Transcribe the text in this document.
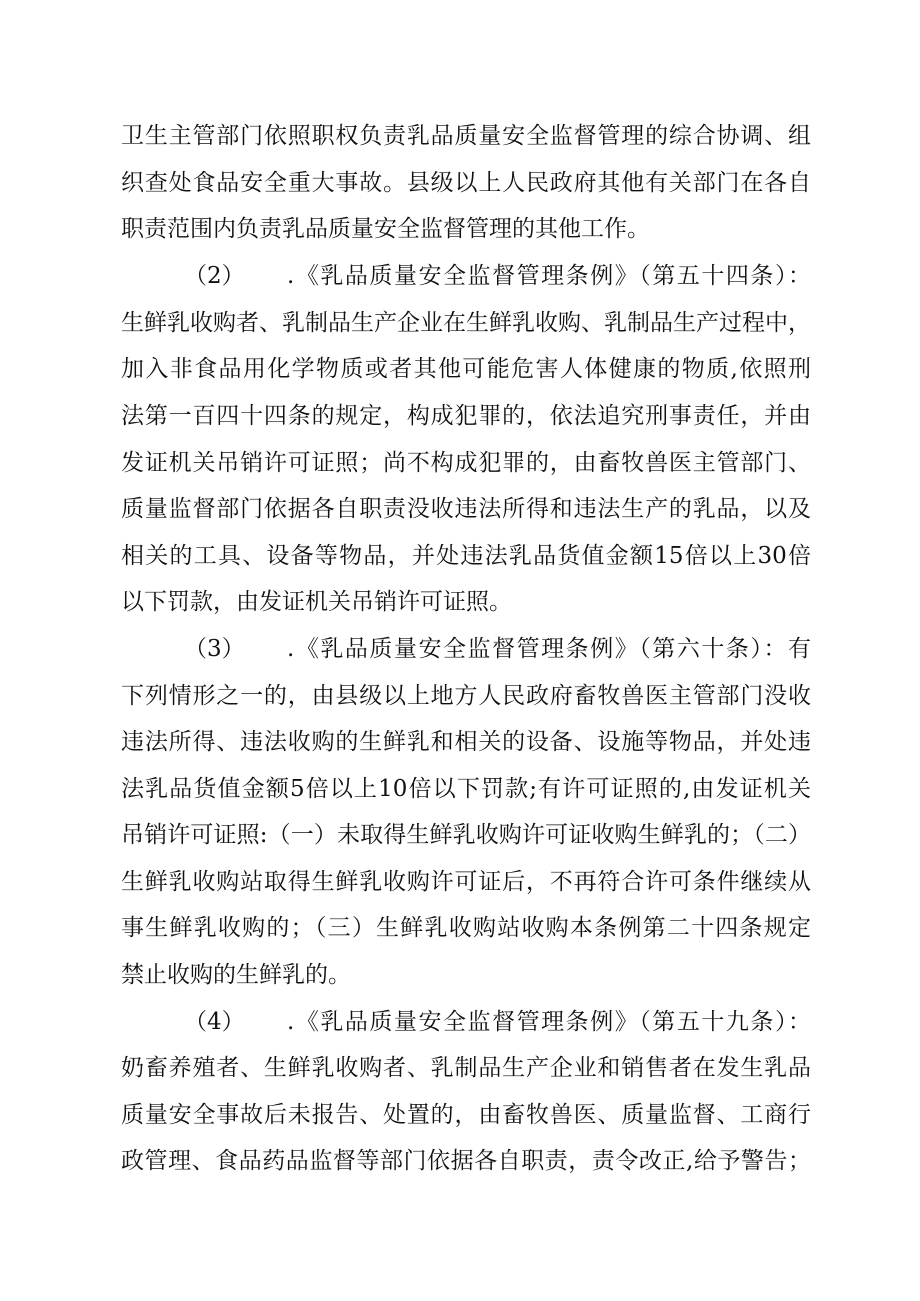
卫生主管部门依照职权负责乳品质量安全监督管理的综合协调、组
织查处食品安全重大事故。县级以上人民政府其他有关部门在各自
职责范围内负责乳品质量安全监督管理的其他工作。
（2）	.《乳品质量安全监督管理条例》（第五十四条）：
生鲜乳收购者、乳制品生产企业在生鲜乳收购、乳制品生产过程中，
加入非食品用化学物质或者其他可能危害人体健康的物质,依照刑
法第一百四十四条的规定，构成犯罪的，依法追究刑事责任，并由
发证机关吊销许可证照；尚不构成犯罪的，由畜牧兽医主管部门、
质量监督部门依据各自职责没收违法所得和违法生产的乳品，以及
相关的工具、设备等物品，并处违法乳品货值金额15倍以上30倍
以下罚款，由发证机关吊销许可证照。
（3）	.《乳品质量安全监督管理条例》（第六十条）：有
下列情形之一的，由县级以上地方人民政府畜牧兽医主管部门没收
违法所得、违法收购的生鲜乳和相关的设备、设施等物品，并处违
法乳品货值金额5倍以上10倍以下罚款;有许可证照的,由发证机关
吊销许可证照:（一）未取得生鲜乳收购许可证收购生鲜乳的；（二）
生鲜乳收购站取得生鲜乳收购许可证后，不再符合许可条件继续从
事生鲜乳收购的；（三）生鲜乳收购站收购本条例第二十四条规定
禁止收购的生鲜乳的。
（4）	.《乳品质量安全监督管理条例》（第五十九条）：
奶畜养殖者、生鲜乳收购者、乳制品生产企业和销售者在发生乳品
质量安全事故后未报告、处置的，由畜牧兽医、质量监督、工商行
政管理、食品药品监督等部门依据各自职责，责令改正,给予警告；
